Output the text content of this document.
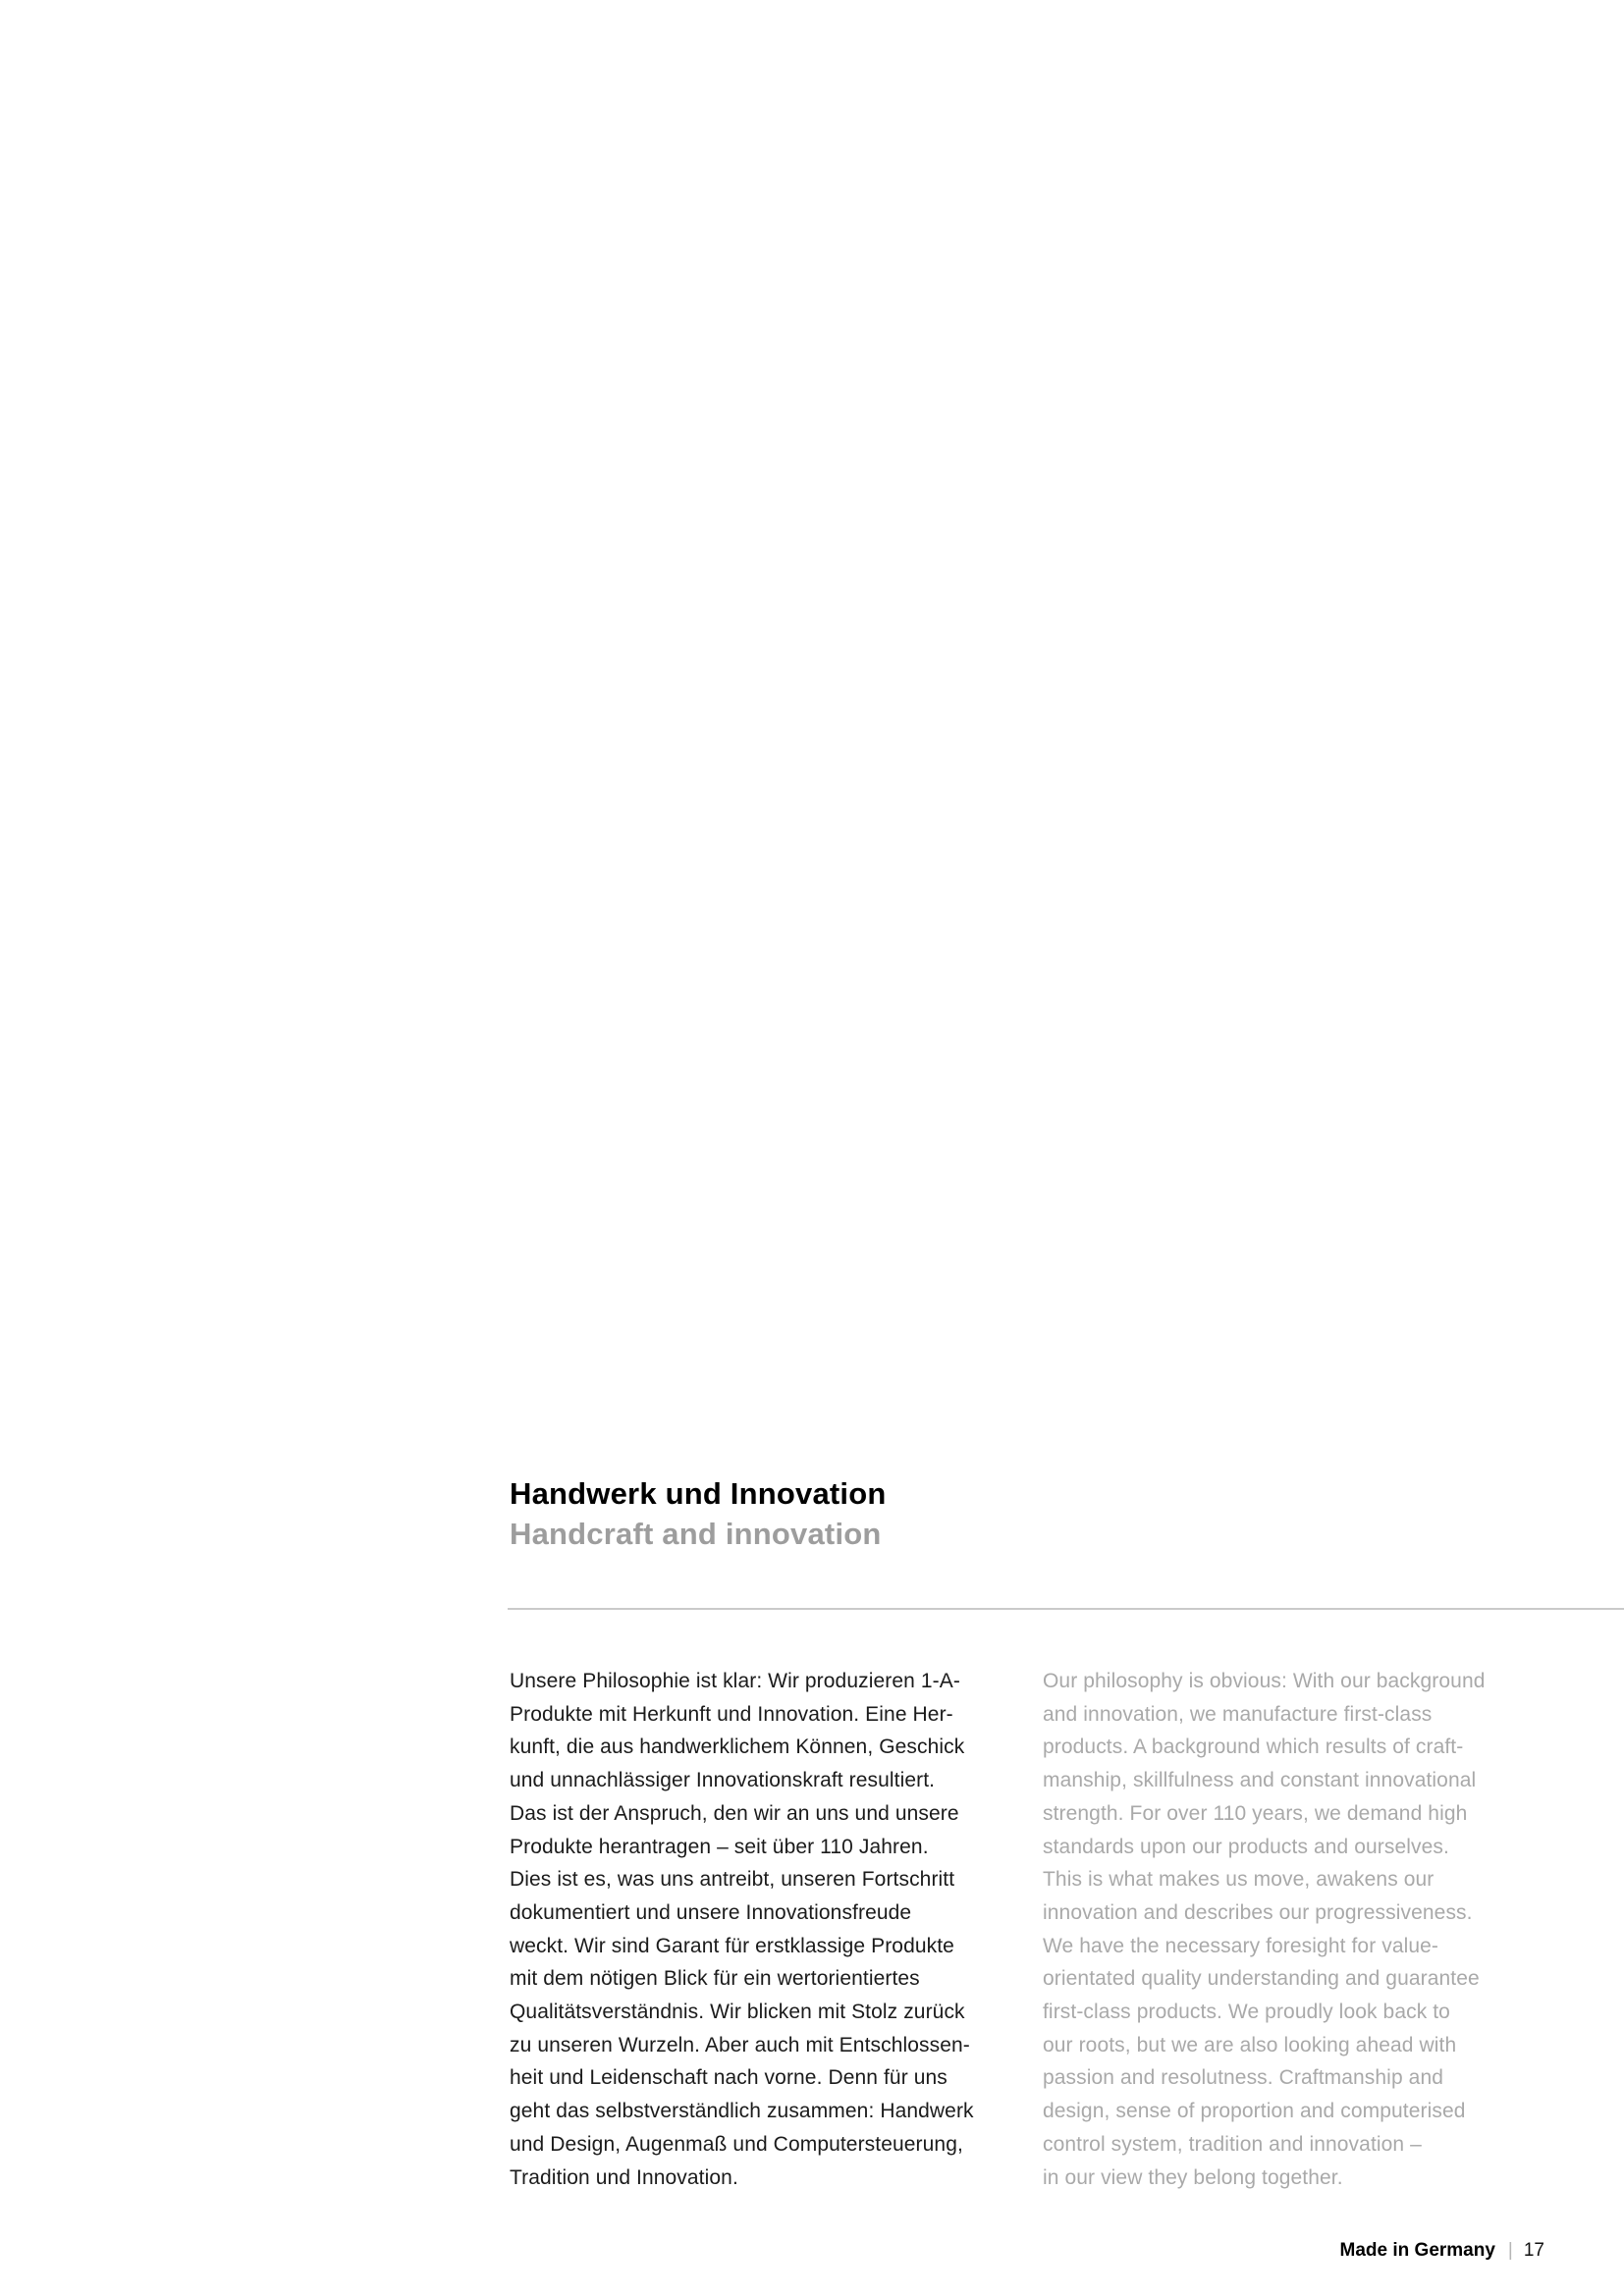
Handwerk und Innovation
Handcraft and innovation
Unsere Philosophie ist klar: Wir produzieren 1-A-
Produkte mit Herkunft und Innovation. Eine Her-
kunft, die aus handwerklichem Können, Geschick
und unnachlässiger Innovationskraft resultiert.
Das ist der Anspruch, den wir an uns und unsere
Produkte herantragen – seit über 110 Jahren.
Dies ist es, was uns antreibt, unseren Fortschritt
dokumentiert und unsere Innovationsfreude
weckt. Wir sind Garant für erstklassige Produkte
mit dem nötigen Blick für ein wertorientiertes
Qualitätsverständnis. Wir blicken mit Stolz zurück
zu unseren Wurzeln. Aber auch mit Entschlossen-
heit und Leidenschaft nach vorne. Denn für uns
geht das selbstverständlich zusammen: Handwerk
und Design, Augenmaß und Computersteuerung,
Tradition und Innovation.
Our philosophy is obvious: With our background
and innovation, we manufacture first-class
products. A background which results of craft-
manship, skillfulness and constant innovational
strength. For over 110 years, we demand high
standards upon our products and ourselves.
This is what makes us move, awakens our
innovation and describes our progressiveness.
We have the necessary foresight for value-
orientated quality understanding and guarantee
first-class products. We proudly look back to
our roots, but we are also looking ahead with
passion and resolutness. Craftmanship and
design, sense of proportion and computerised
control system, tradition and innovation –
in our view they belong together.
Made in Germany | 17
